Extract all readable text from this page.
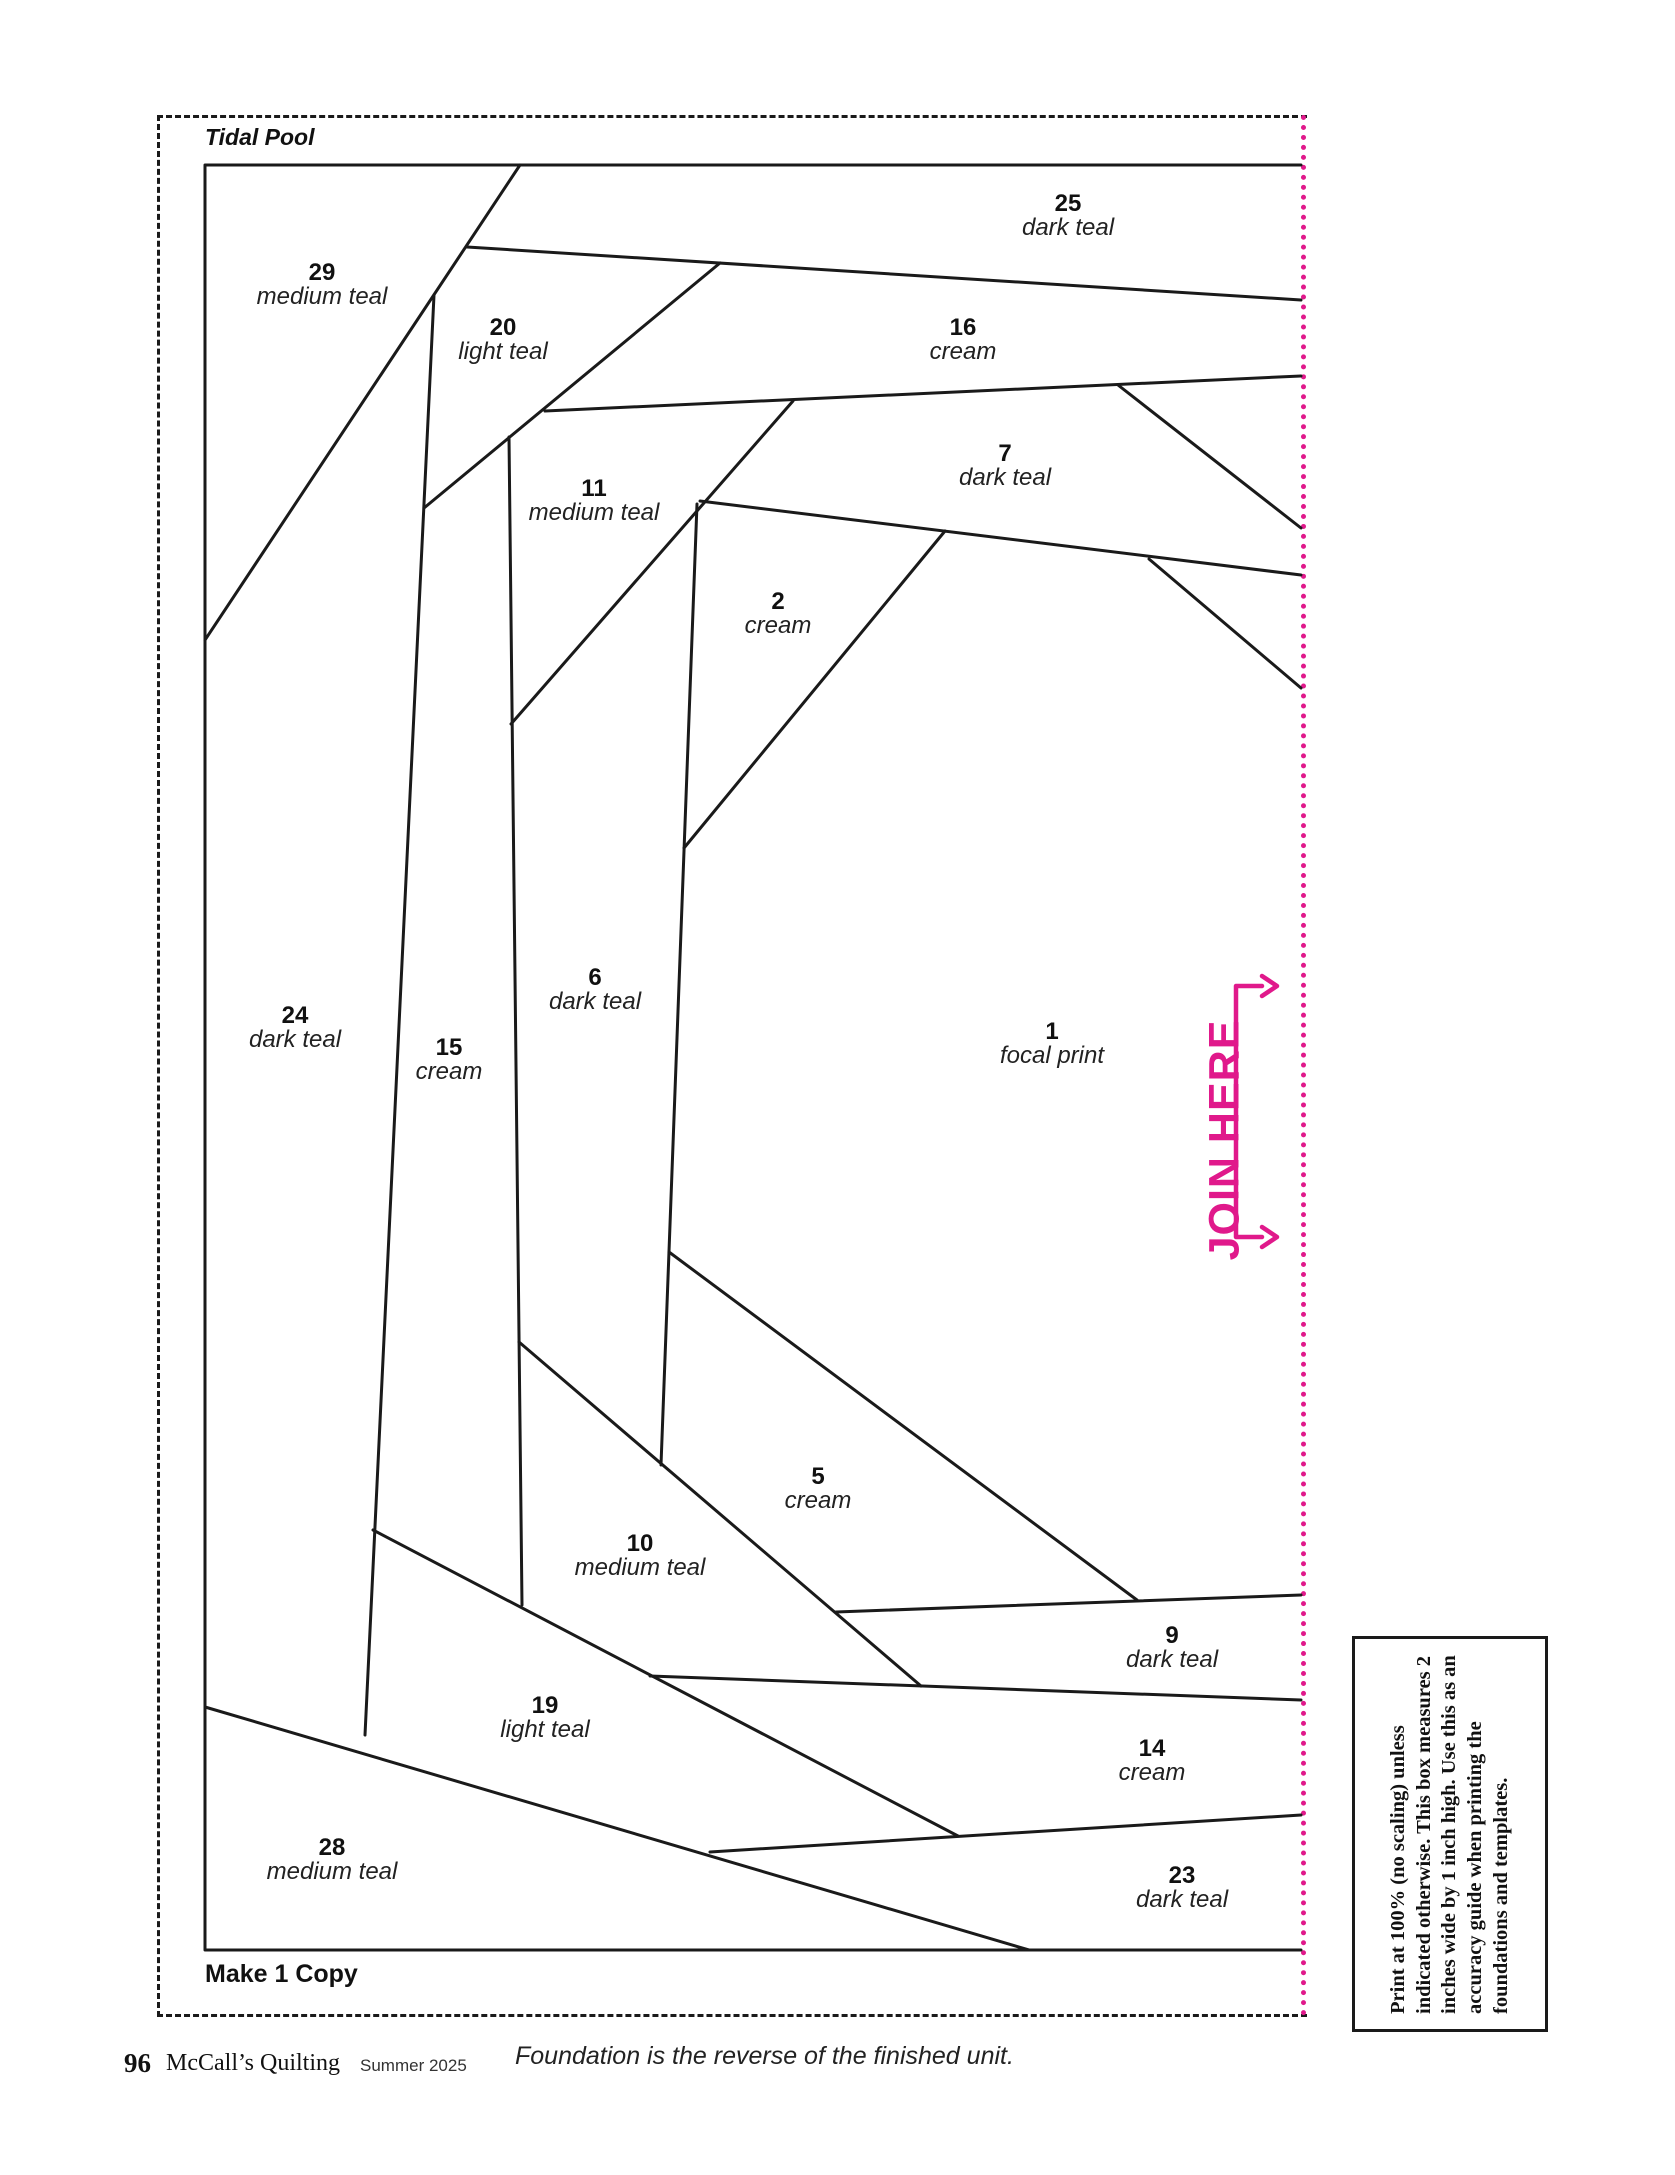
Tidal Pool
Make 1 Copy
JOIN HERE
1
focal print
2
cream
5
cream
6
dark teal
7
dark teal
9
dark teal
10
medium teal
11
medium teal
14
cream
15
cream
16
cream
19
light teal
20
light teal
23
dark teal
24
dark teal
25
dark teal
28
medium teal
29
medium teal
96 McCall’s Quilting Summer 2025 Foundation is the reverse of the finished unit.
Print at 100% (no scaling) unless indicated otherwise. This box measures 2 inches wide by 1 inch high. Use this as an accuracy guide when printing the foundations and templates.
